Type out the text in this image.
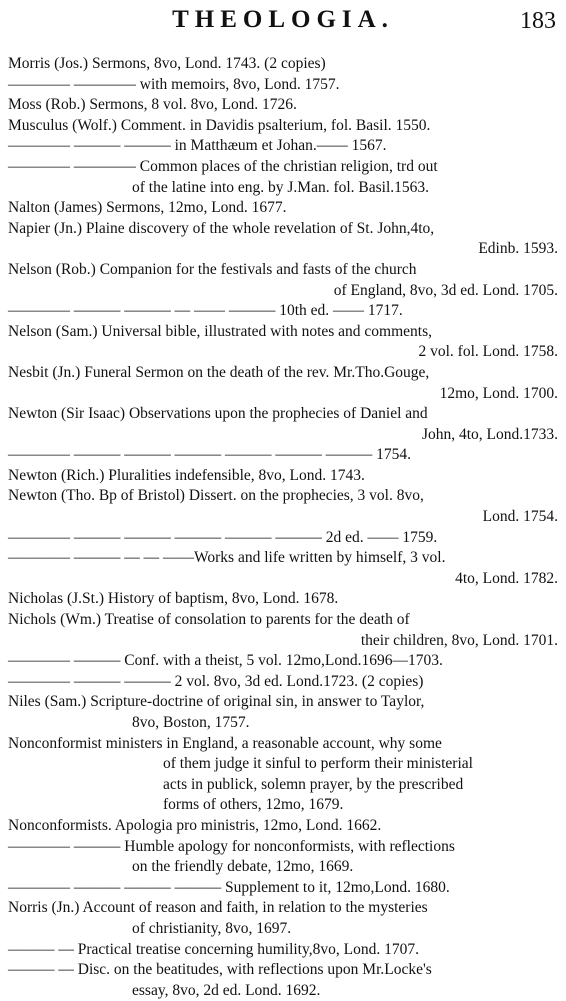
THEOLOGIA.	183
Morris (Jos.) Sermons, 8vo, Lond. 1743. (2 copies)
———— ———— with memoirs, 8vo, Lond. 1757.
Moss (Rob.) Sermons, 8 vol. 8vo, Lond. 1726.
Musculus (Wolf.) Comment. in Davidis psalterium, fol. Basil. 1550.
———— ——— ——— in Matthæum et Johan.—— 1567.
———— ———— Common places of the christian religion, trd out
of the latine into eng. by J.Man. fol. Basil.1563.
Nalton (James) Sermons, 12mo, Lond. 1677.
Napier (Jn.) Plaine discovery of the whole revelation of St. John,4to,
Edinb. 1593.
Nelson (Rob.) Companion for the festivals and fasts of the church
of England, 8vo, 3d ed. Lond. 1705.
———— ——— ——— — —— ——— 10th ed. —— 1717.
Nelson (Sam.) Universal bible, illustrated with notes and comments,
2 vol. fol. Lond. 1758.
Nesbit (Jn.) Funeral Sermon on the death of the rev. Mr.Tho.Gouge,
12mo, Lond. 1700.
Newton (Sir Isaac) Observations upon the prophecies of Daniel and
John, 4to, Lond.1733.
———— ——— ——— ——— ——— ——— ——— 1754.
Newton (Rich.) Pluralities indefensible, 8vo, Lond. 1743.
Newton (Tho. Bp of Bristol) Dissert. on the prophecies, 3 vol. 8vo,
Lond. 1754.
———— ——— ——— ——— ——— ——— 2d ed. —— 1759.
———— ——— — — ——Works and life written by himself, 3 vol.
4to, Lond. 1782.
Nicholas (J.St.) History of baptism, 8vo, Lond. 1678.
Nichols (Wm.) Treatise of consolation to parents for the death of
their children, 8vo, Lond. 1701.
———— ——— Conf. with a theist, 5 vol. 12mo,Lond.1696—1703.
———— ——— ——— 2 vol. 8vo, 3d ed. Lond.1723. (2 copies)
Niles (Sam.) Scripture-doctrine of original sin, in answer to Taylor,
8vo, Boston, 1757.
Nonconformist ministers in England, a reasonable account, why some
of them judge it sinful to perform their ministerial
acts in publick, solemn prayer, by the prescribed
forms of others, 12mo, 1679.
Nonconformists. Apologia pro ministris, 12mo, Lond. 1662.
———— ——— Humble apology for nonconformists, with reflections
on the friendly debate, 12mo, 1669.
———— ——— ——— ——— Supplement to it, 12mo,Lond. 1680.
Norris (Jn.) Account of reason and faith, in relation to the mysteries
of christianity, 8vo, 1697.
——— — Practical treatise concerning humility,8vo, Lond. 1707.
——— — Disc. on the beatitudes, with reflections upon Mr.Locke's
essay, 8vo, 2d ed. Lond. 1692.
